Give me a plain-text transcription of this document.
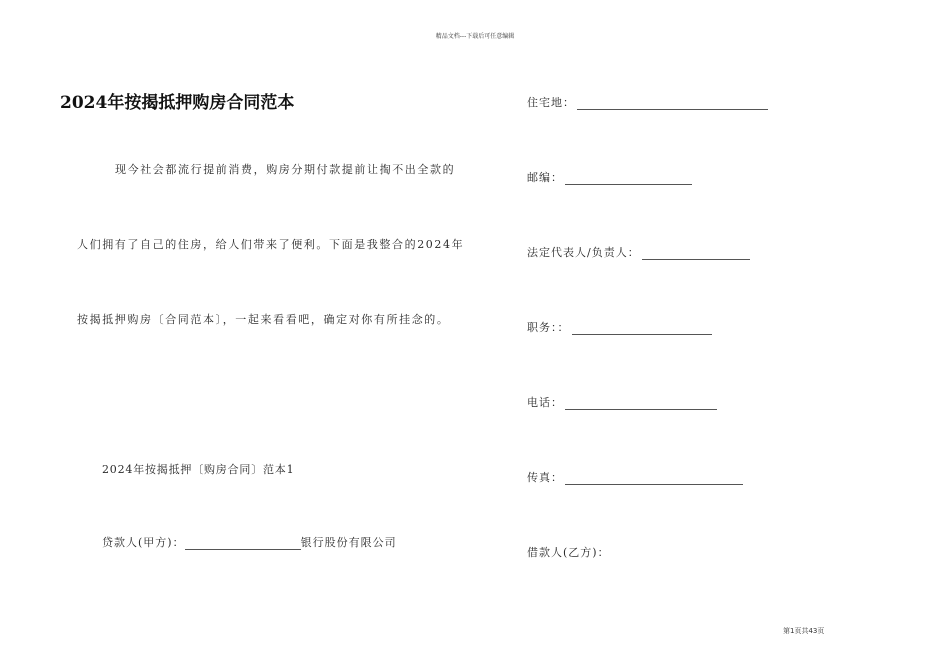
精品文档---下载后可任意编辑
2024年按揭抵押购房合同范本
现今社会都流行提前消费，购房分期付款提前让掏不出全款的
人们拥有了自己的住房，给人们带来了便利。下面是我整合的2024年
按揭抵押购房〔合同范本〕，一起来看看吧，确定对你有所挂念的。
2024年按揭抵押〔购房合同〕范本1
贷款人(甲方)：	银行股份有限公司
住宅地：
邮编：
法定代表人/负责人：
职务：：
电话：
传真：
借款人(乙方)：
第1页共43页
